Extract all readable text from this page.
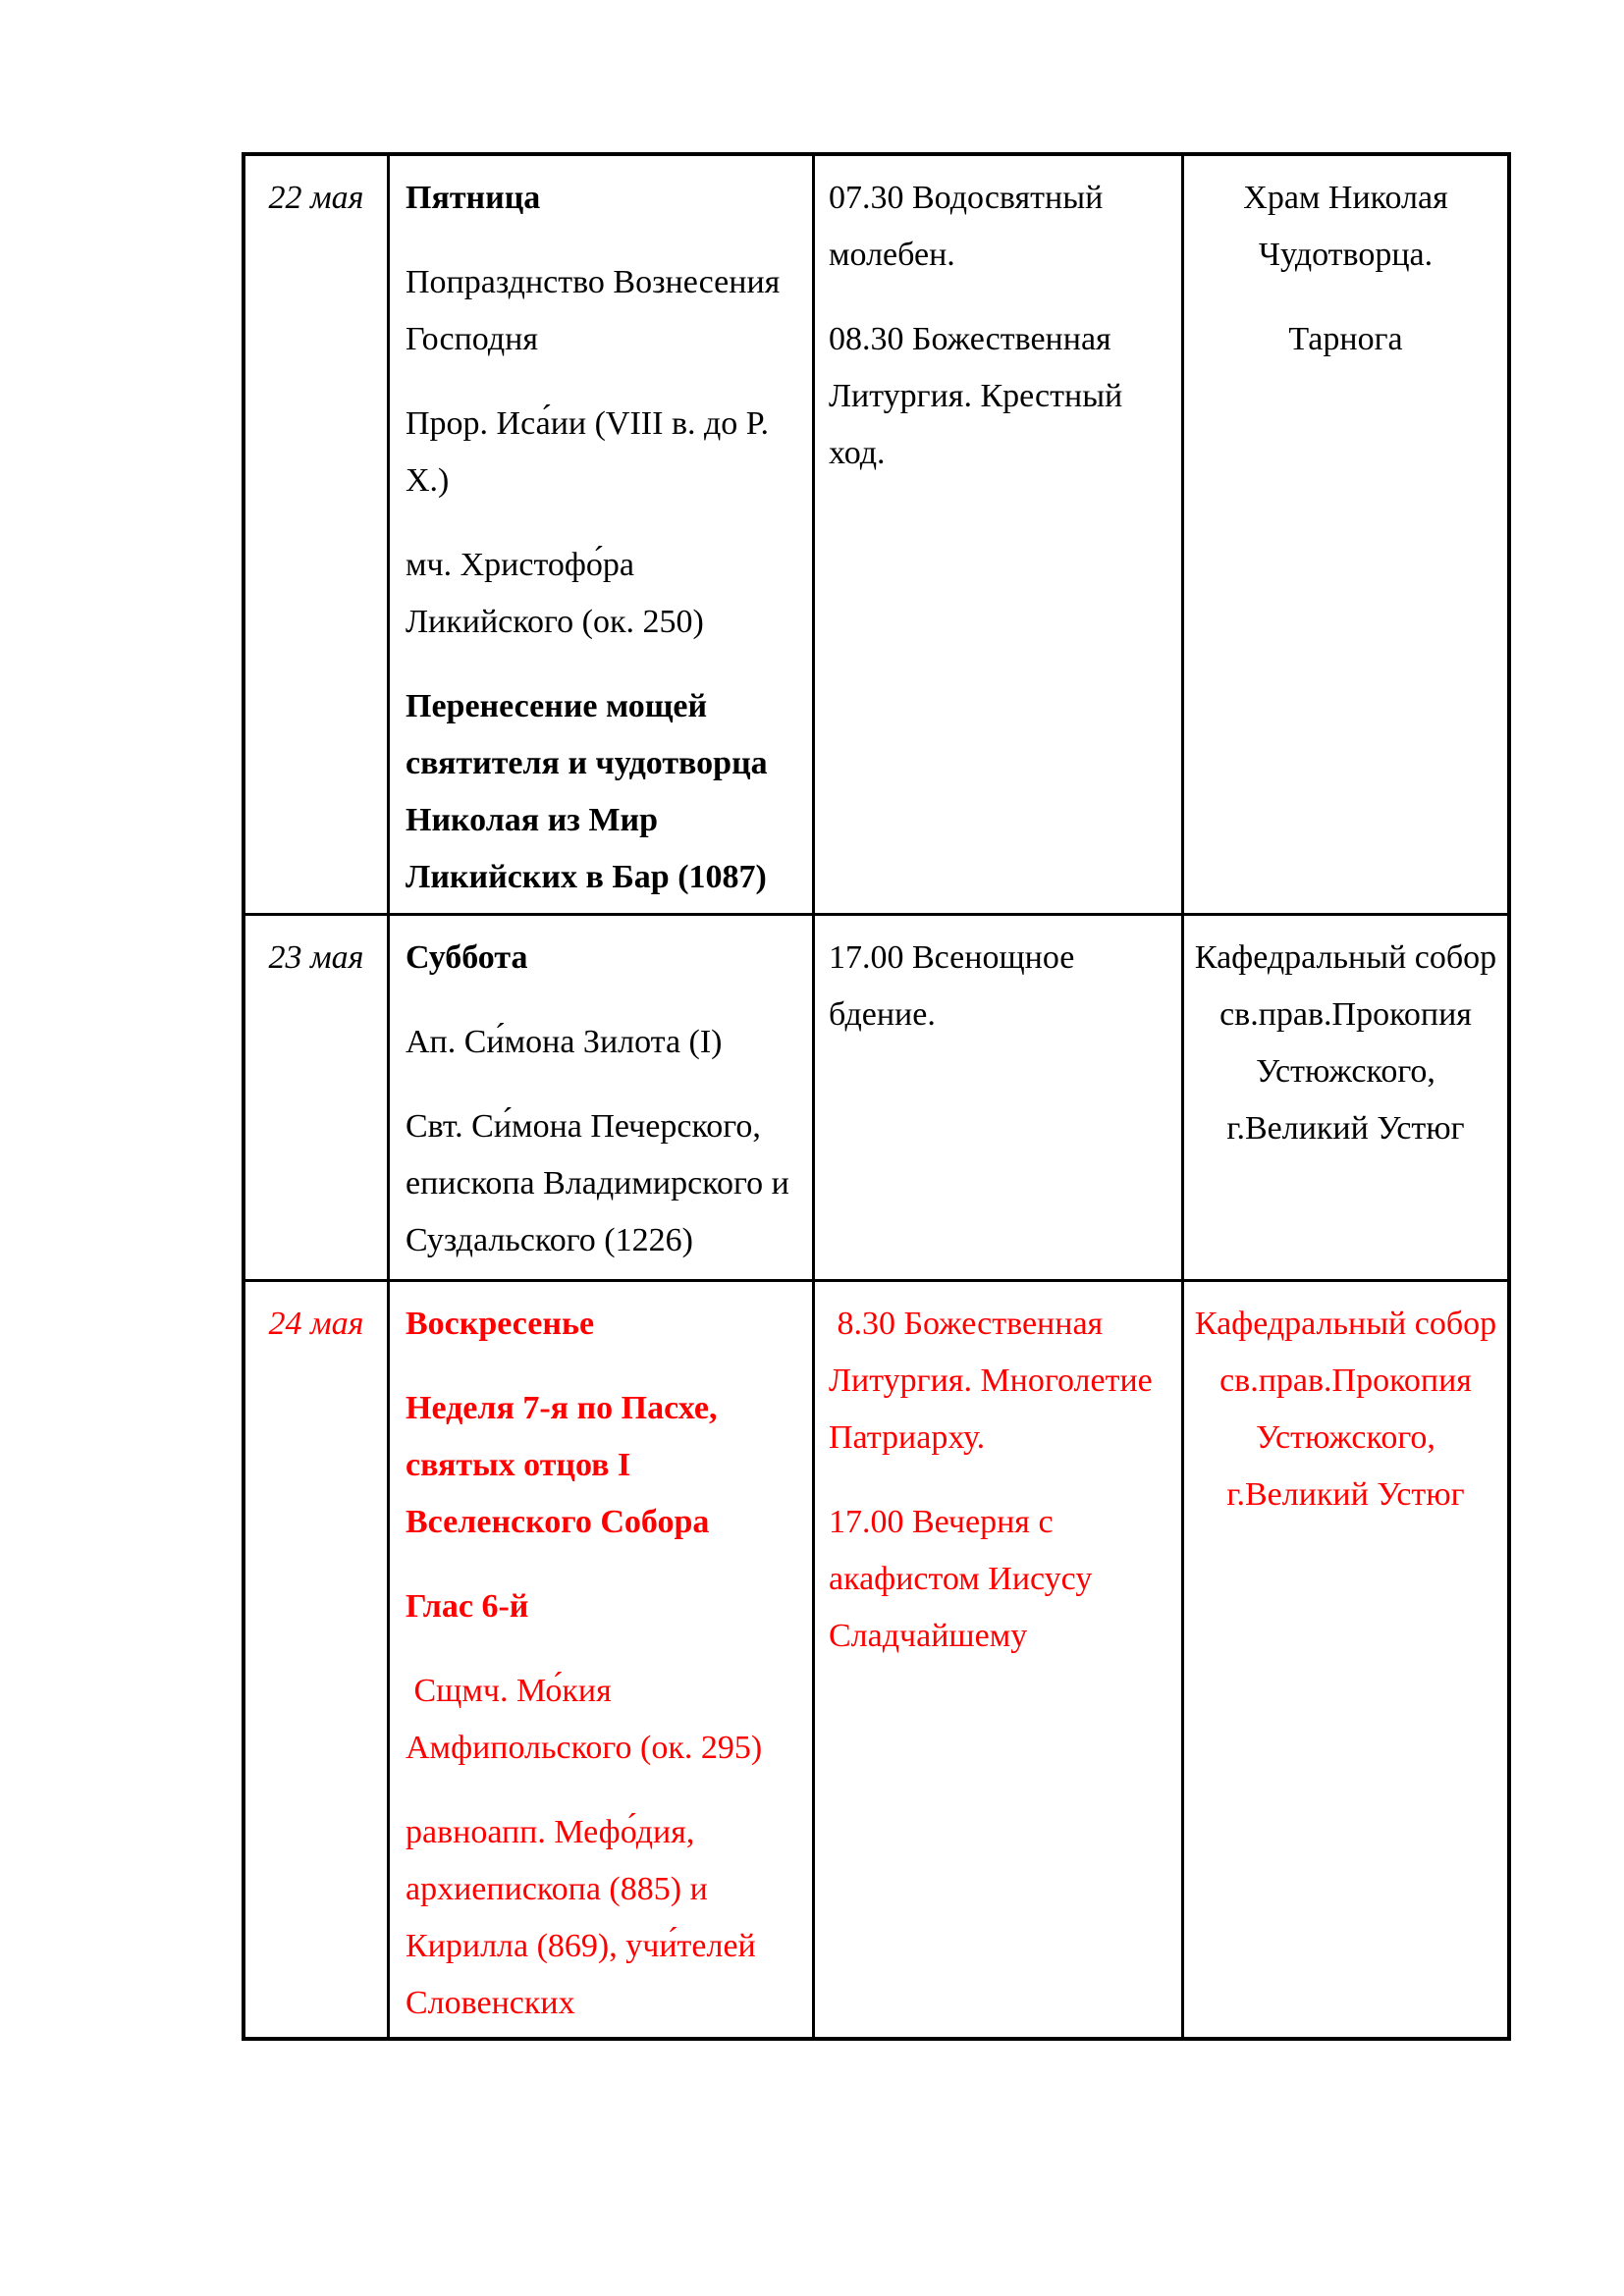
22 мая Пятница

Попразднство Вознесения Господня

Прор. Иса́ии (VIII в. до Р. Х.)

мч. Христофо́ра Ликийского (ок. 250)

Перенесение мощей святителя и чудотворца Николая из Мир Ликийских в Бар (1087)

07.30 Водосвятный молебен.

08.30 Божественная Литургия. Крестный ход.

Храм Николая Чудотворца.

Тарнога

23 мая Суббота

Ап. Си́мона Зилота (I)

Свт. Си́мона Печерского, епископа Владимирского и Суздальского (1226)

17.00 Всенощное бдение.

Кафедральный собор св.прав.Прокопия Устюжского, г.Великий Устюг

24 мая Воскресенье

Неделя 7-я по Пасхе, святых отцов I Вселенского Собора

Глас 6-й

Сщмч. Мо́кия Амфипольского (ок. 295)

равноапп. Мефо́дия, архиепископа (885) и Кирилла (869), учи́телей Словенских

8.30 Божественная Литургия. Многолетие Патриарху.

17.00 Вечерня с акафистом Иисусу Сладчайшему

Кафедральный собор св.прав.Прокопия Устюжского, г.Великий Устюг
